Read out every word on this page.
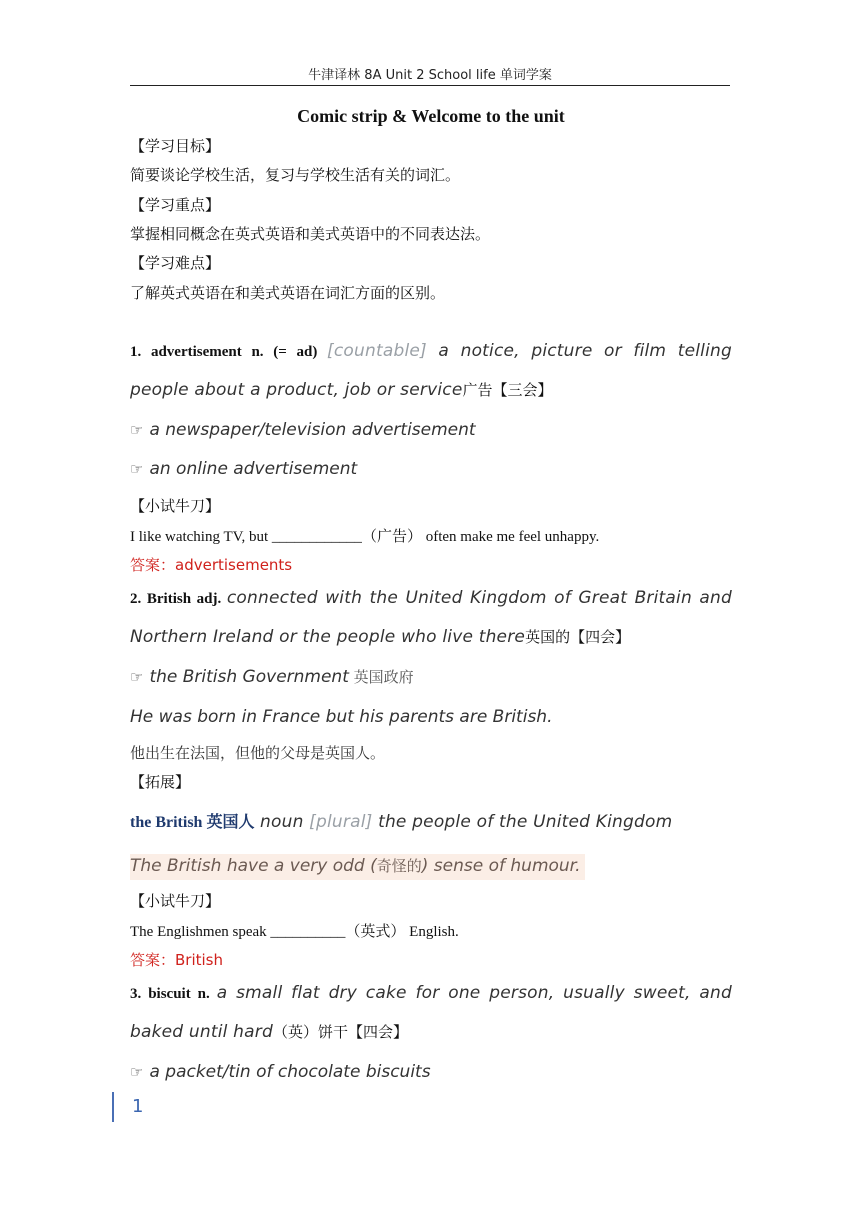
牛津译林 8A Unit 2 School life 单词学案
Comic strip & Welcome to the unit
【学习目标】
简要谈论学校生活，复习与学校生活有关的词汇。
【学习重点】
掌握相同概念在英式英语和美式英语中的不同表达法。
【学习难点】
了解英式英语在和美式英语在词汇方面的区别。
1. advertisement n. (= ad) [countable] a notice, picture or film telling
people about a product, job or service广告【三会】
☞ a newspaper/television advertisement
☞ an online advertisement
【小试牛刀】
I like watching TV, but ____________（广告） often make me feel unhappy.
答案：advertisements
2. British adj. connected with the United Kingdom of Great Britain and
Northern Ireland or the people who live there英国的【四会】
☞ the British Government 英国政府
He was born in France but his parents are British.
他出生在法国，但他的父母是英国人。
【拓展】
the British 英国人 noun [plural] the people of the United Kingdom
The British have a very odd (奇怪的) sense of humour.
【小试牛刀】
The Englishmen speak __________（英式） English.
答案：British
3. biscuit n. a small flat dry cake for one person, usually sweet, and
baked until hard（英）饼干【四会】
☞ a packet/tin of chocolate biscuits
1
